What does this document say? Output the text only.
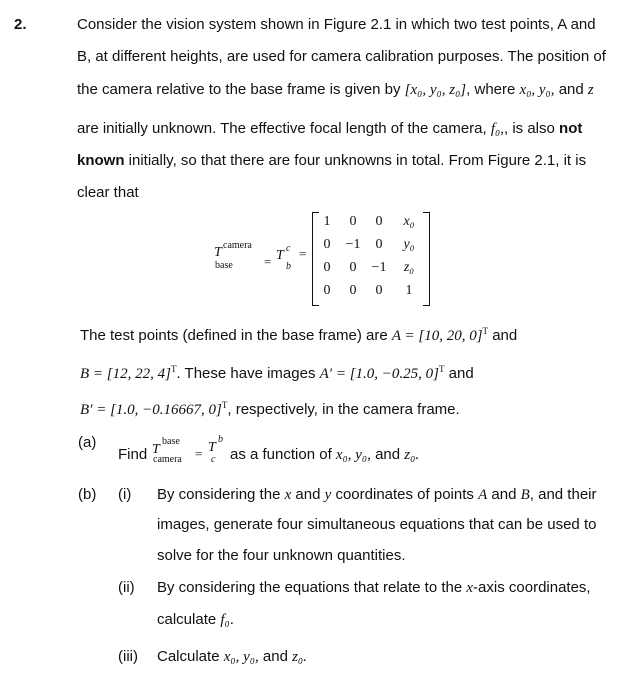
2.	Consider the vision system shown in Figure 2.1 in which two test points, A and
B, at different heights, are used for camera calibration purposes. The position of
the camera relative to the base frame is given by [x₀, y₀, z₀], where x₀, y₀, and z
are initially unknown. The effective focal length of the camera, f₀,, is also not
known initially, so that there are four unknowns in total. From Figure 2.1, it is
clear that
T camera
base = T c
b
=
1	0	0	x₀
0	−1	0	y₀
0	0	−1	z₀
0	0	0	1
The test points (defined in the base frame) are A = [10, 20, 0]$^T$ and
B = [12, 22, 4]$^T$. These have images A′ = [1.0, −0.25, 0]$^T$ and
B′ = [1.0, −0.16667, 0]$^T$, respectively, in the camera frame.
(a)
Find T
base
camera = T
b
c as a function of x₀, y₀, and z₀.
(b) (i) By considering the x and y coordinates of points A and B, and their
images, generate four simultaneous equations that can be used to
solve for the four unknown quantities.
(ii) By considering the equations that relate to the x-axis coordinates,
calculate f₀.
(iii) Calculate x₀, y₀, and z₀.
